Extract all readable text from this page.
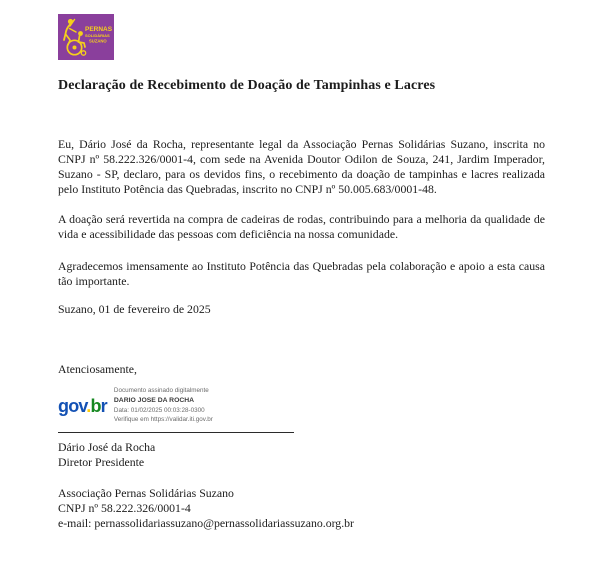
PERNAS
SOLIDÁRIAS
SUZANO
Declaração de Recebimento de Doação de Tampinhas e Lacres

Eu, Dário José da Rocha, representante legal da Associação Pernas Solidárias Suzano, inscrita no CNPJ nº 58.222.326/0001-4, com sede na Avenida Doutor Odilon de Souza, 241, Jardim Imperador, Suzano - SP, declaro, para os devidos fins, o recebimento da doação de tampinhas e lacres realizada pelo Instituto Potência das Quebradas, inscrito no CNPJ nº 50.005.683/0001-48.

A doação será revertida na compra de cadeiras de rodas, contribuindo para a melhoria da qualidade de vida e acessibilidade das pessoas com deficiência na nossa comunidade.

Agradecemos imensamente ao Instituto Potência das Quebradas pela colaboração e apoio a esta causa tão importante.

Suzano, 01 de fevereiro de 2025

Atenciosamente,

gov.br
Documento assinado digitalmente
DARIO JOSE DA ROCHA
Data: 01/02/2025 00:03:28-0300
Verifique em https://validar.iti.gov.br
Dário José da Rocha
Diretor Presidente
Associação Pernas Solidárias Suzano
CNPJ nº 58.222.326/0001-4
e-mail: pernassolidariassuzano@pernassolidariassuzano.org.br
